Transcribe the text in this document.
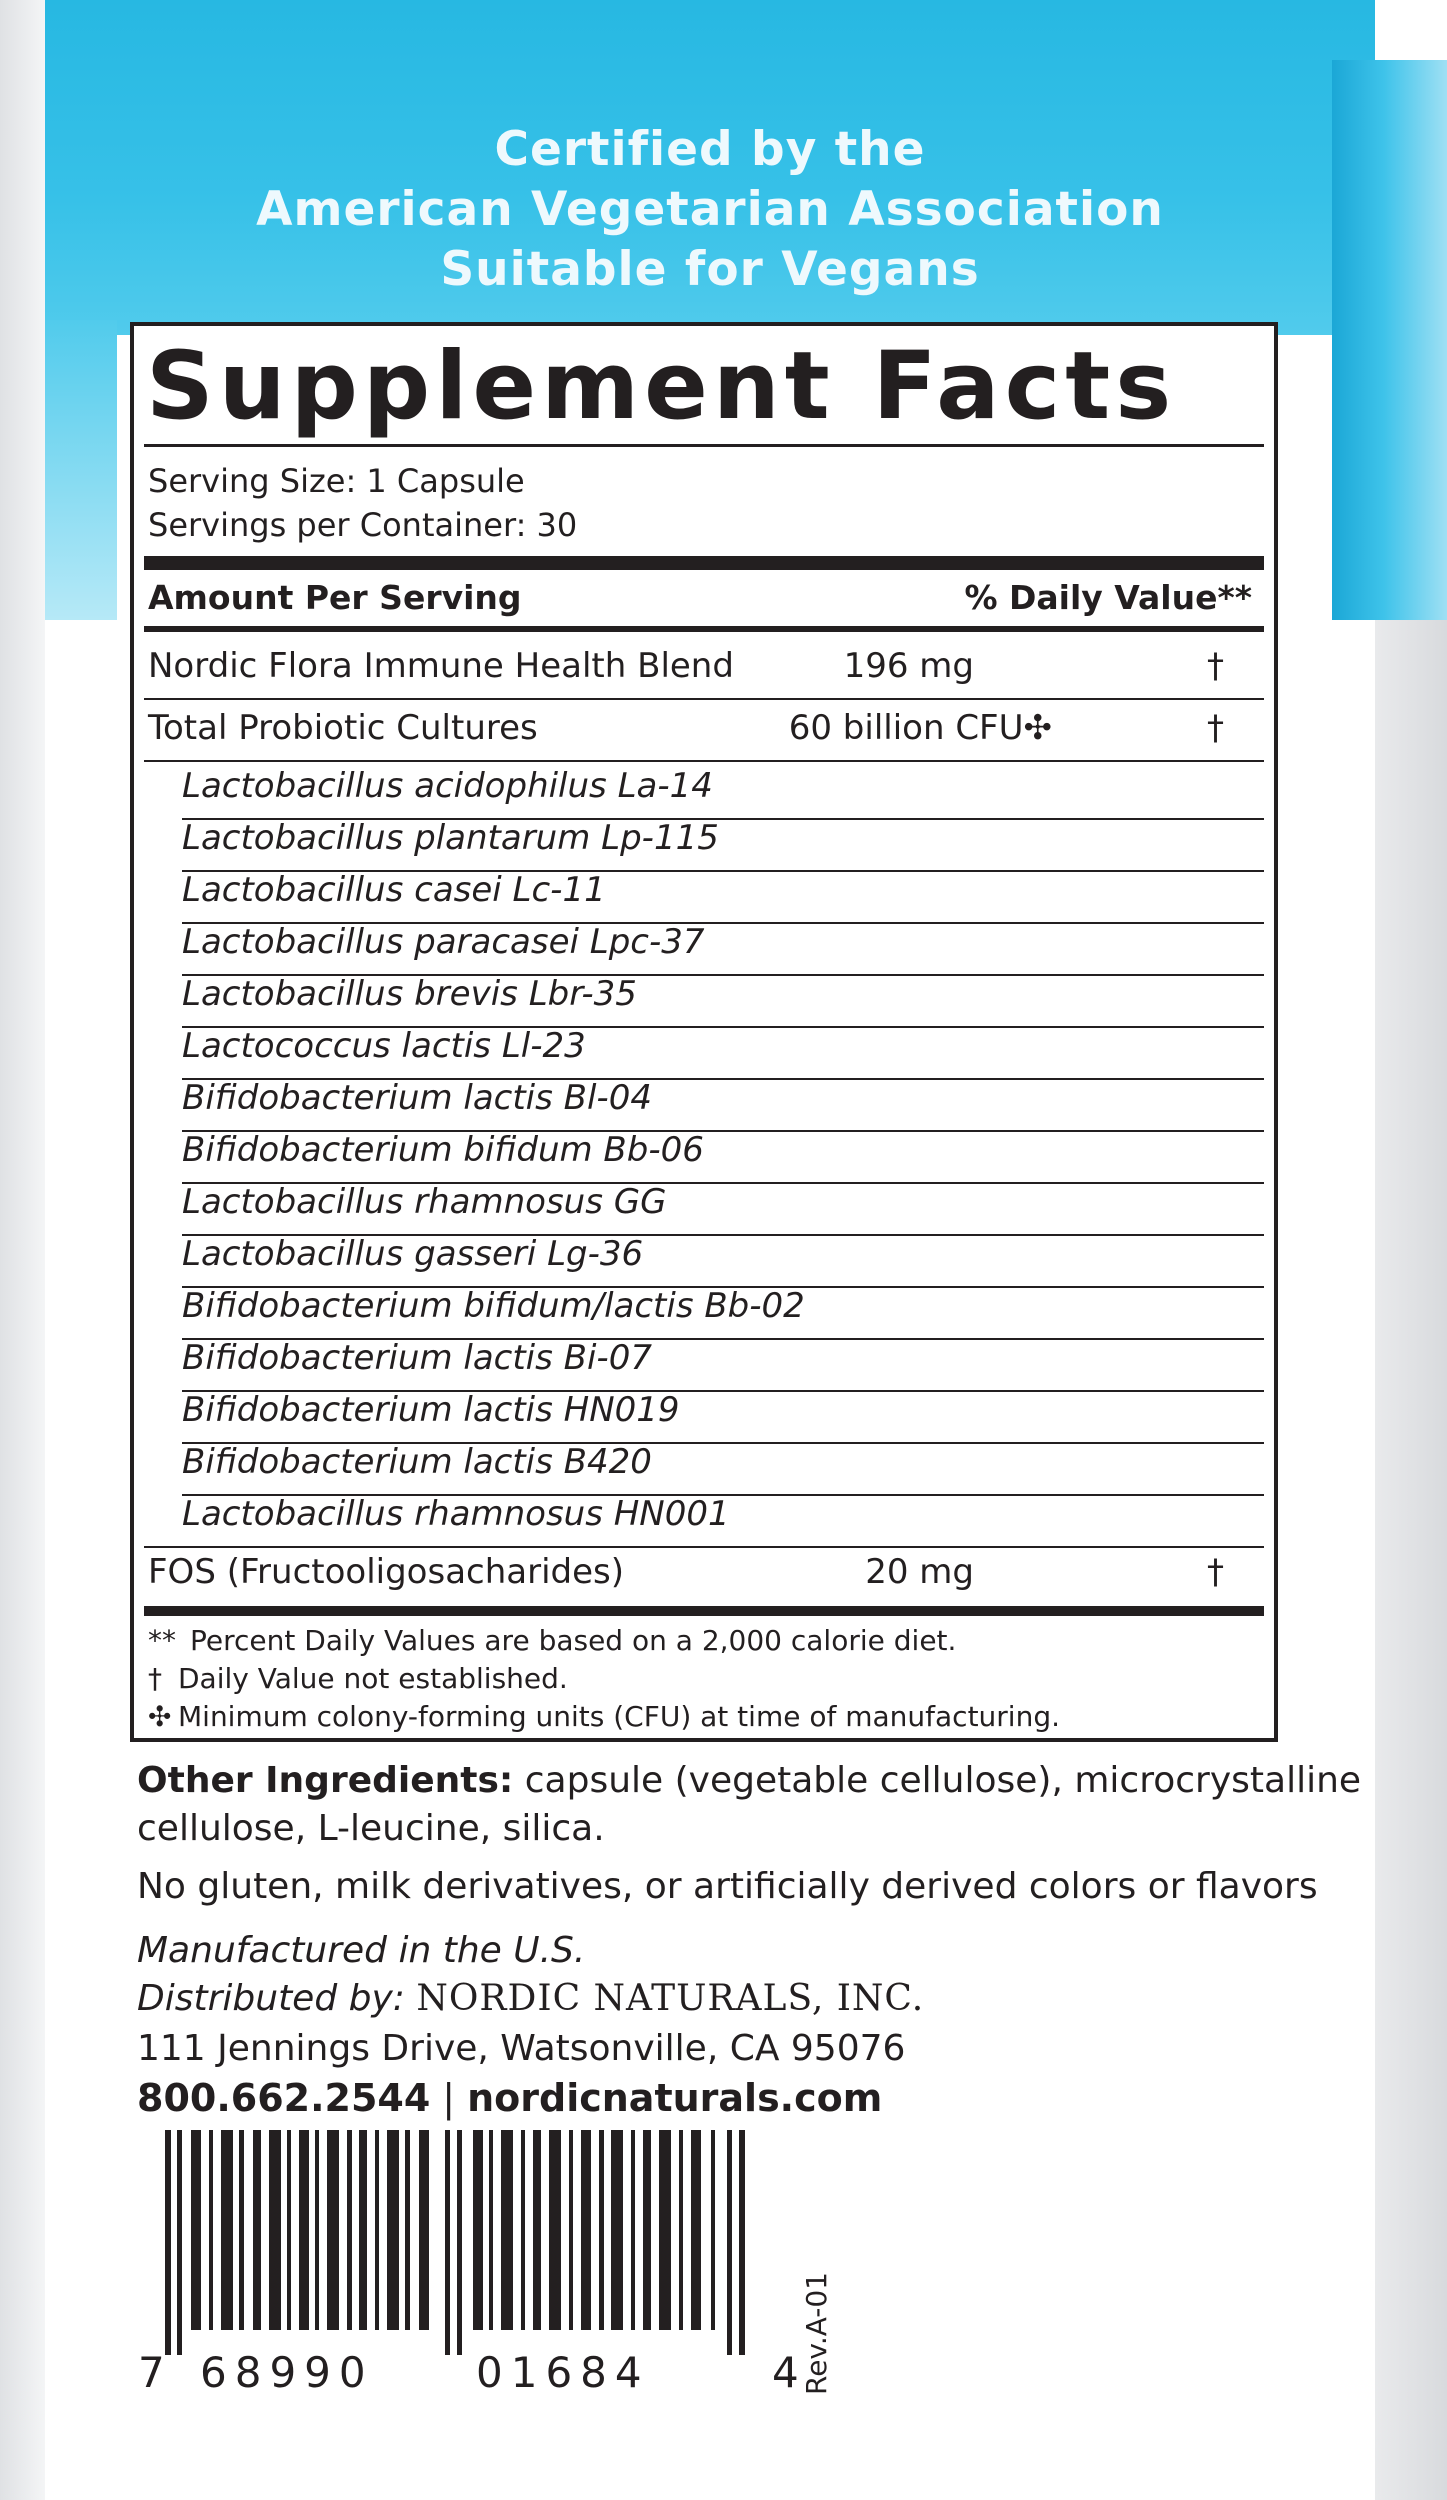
Certified by the
American Vegetarian Association
Suitable for Vegans
Supplement Facts
Serving Size: 1 Capsule
Servings per Container: 30
Amount Per Serving	% Daily Value**
Nordic Flora Immune Health Blend	196 mg	†
Total Probiotic Cultures	60 billion CFU✣	†
Lactobacillus acidophilus La-14
Lactobacillus plantarum Lp-115
Lactobacillus casei Lc-11
Lactobacillus paracasei Lpc-37
Lactobacillus brevis Lbr-35
Lactococcus lactis Ll-23
Bifidobacterium lactis Bl-04
Bifidobacterium bifidum Bb-06
Lactobacillus rhamnosus GG
Lactobacillus gasseri Lg-36
Bifidobacterium bifidum/lactis Bb-02
Bifidobacterium lactis Bi-07
Bifidobacterium lactis HN019
Bifidobacterium lactis B420
Lactobacillus rhamnosus HN001
FOS (Fructooligosacharides)	20 mg	†
** Percent Daily Values are based on a 2,000 calorie diet.
† Daily Value not established.
✣ Minimum colony-forming units (CFU) at time of manufacturing.
Other Ingredients: capsule (vegetable cellulose), microcrystalline
cellulose, L-leucine, silica.
No gluten, milk derivatives, or artificially derived colors or flavors
Manufactured in the U.S.
Distributed by: NORDIC NATURALS, INC.
111 Jennings Drive, Watsonville, CA 95076
800.662.2544 | nordicnaturals.com
7 68990 01684	4 Rev.A-01
